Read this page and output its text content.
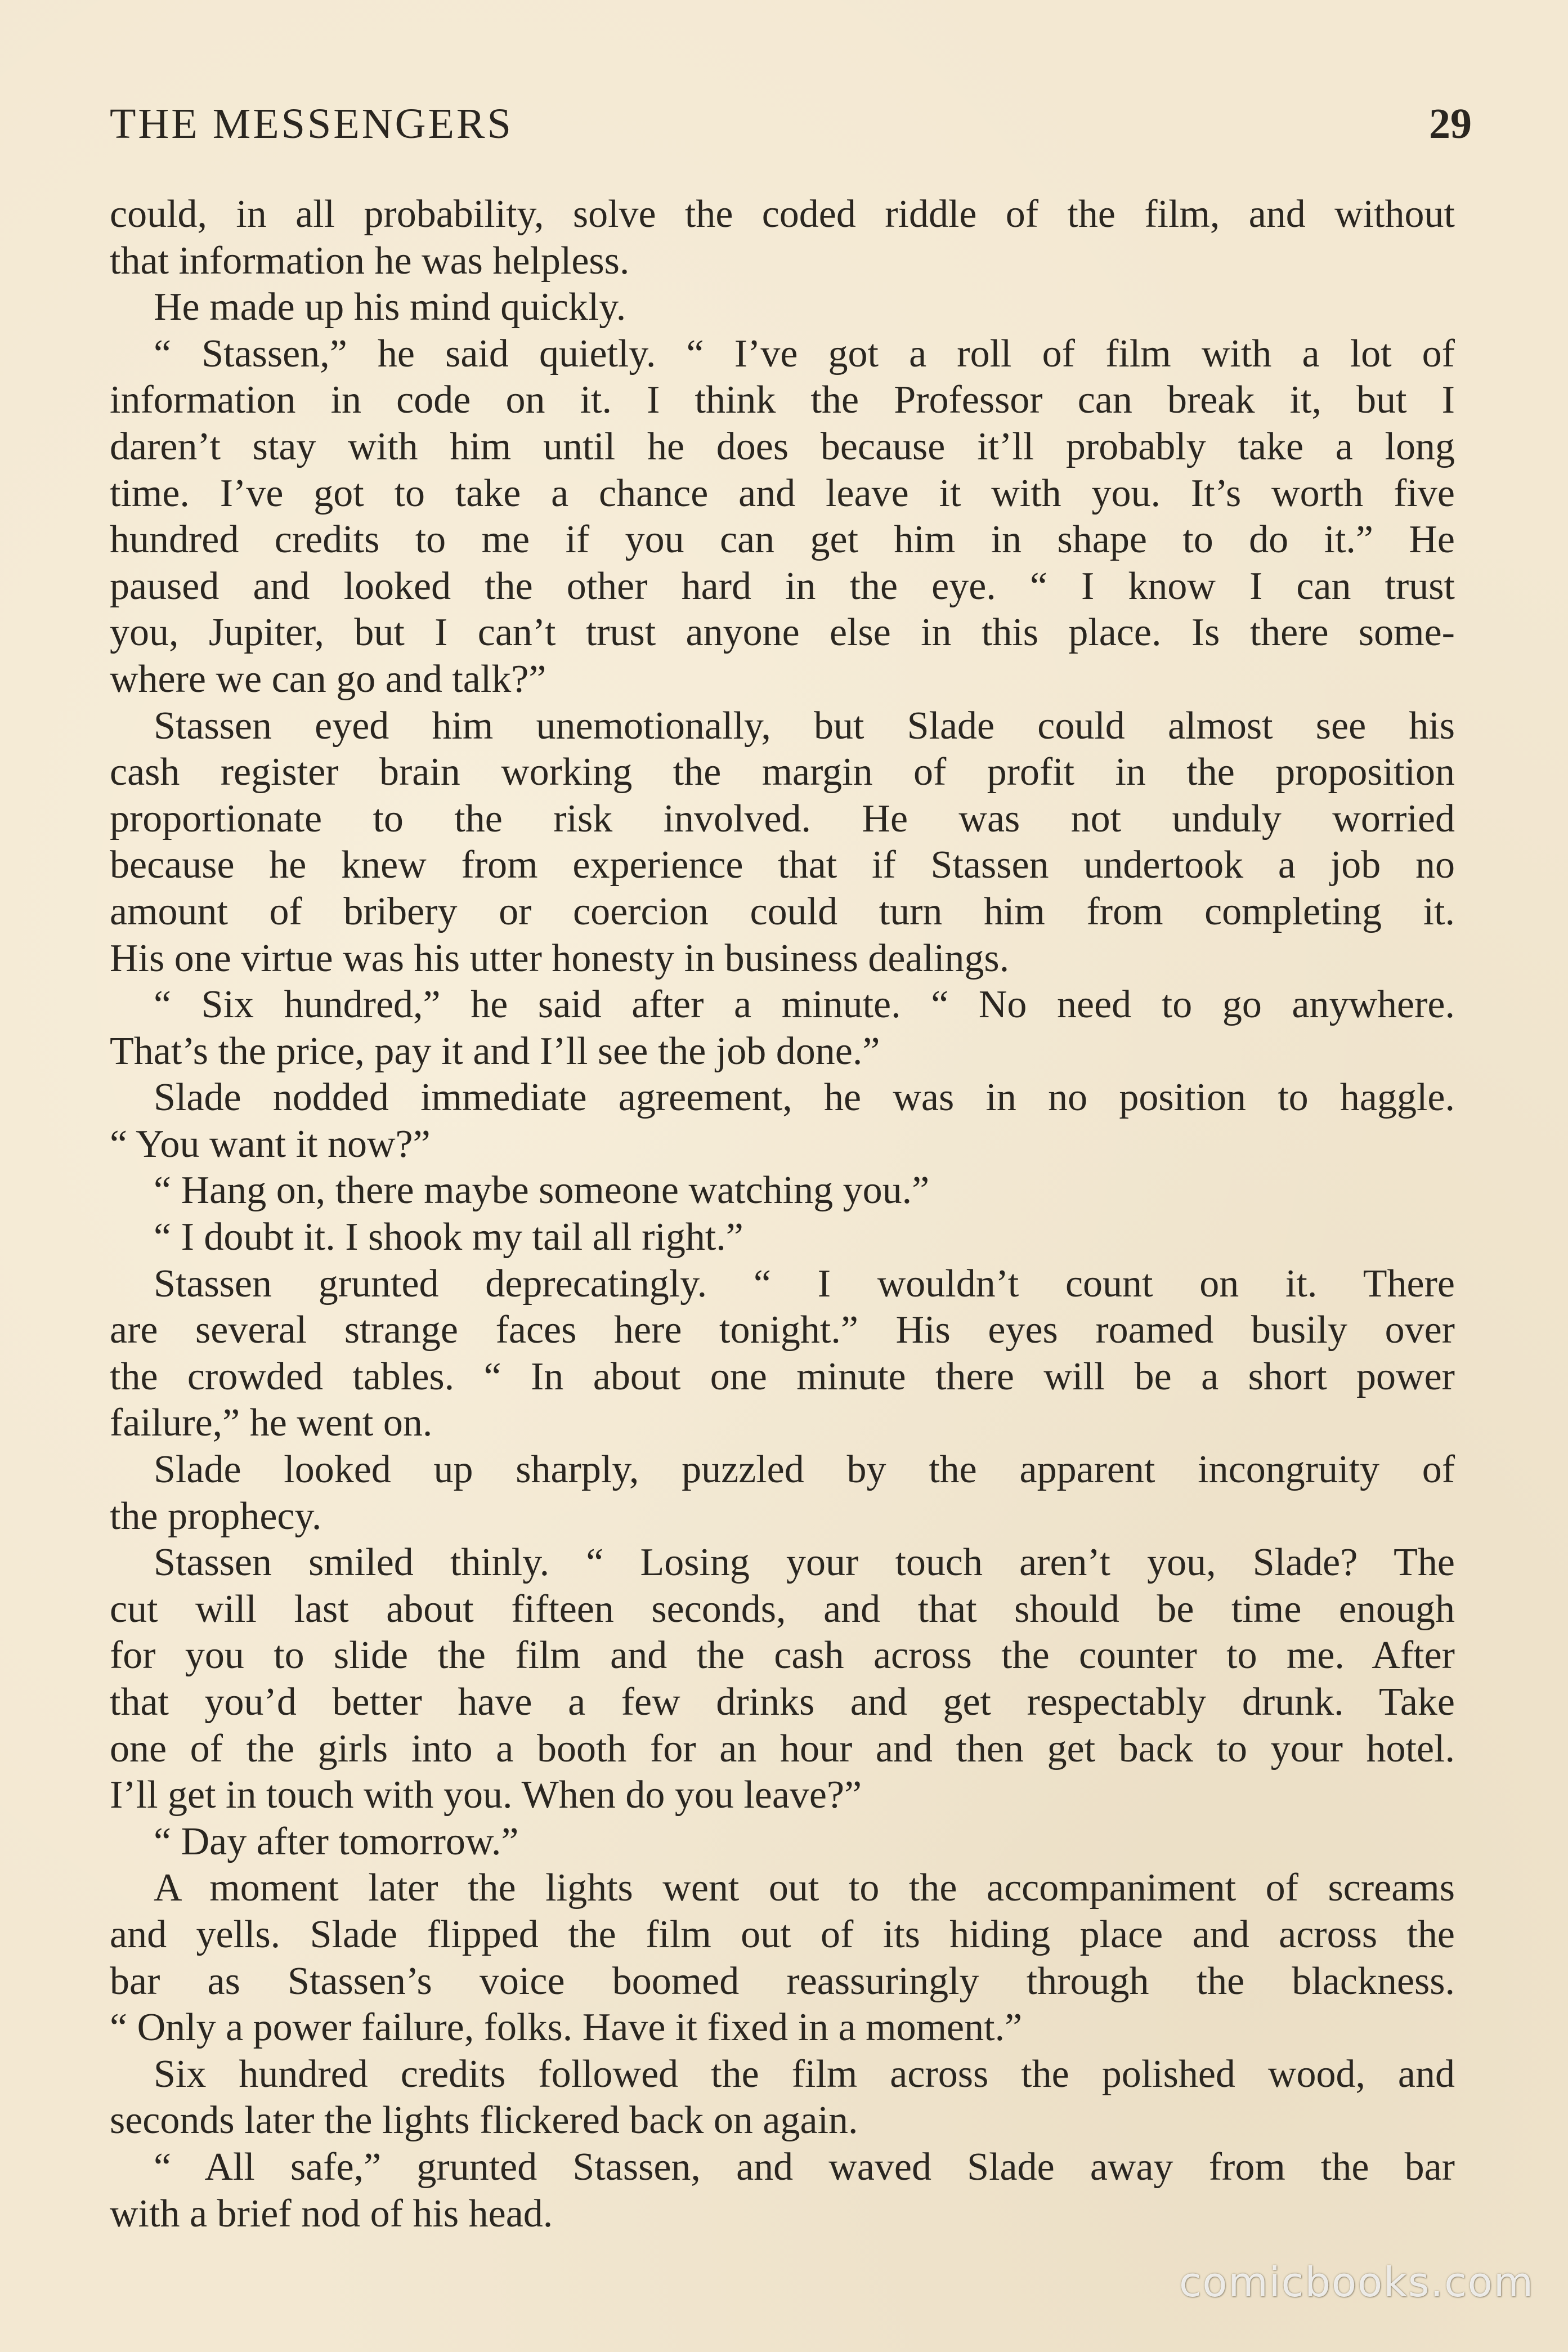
THE MESSENGERS	29
could, in all probability, solve the coded riddle of the film, and without
that information he was helpless.
He made up his mind quickly.
“ Stassen,” he said quietly. “ I’ve got a roll of film with a lot of
information in code on it. I think the Professor can break it, but I
daren’t stay with him until he does because it’ll probably take a long
time. I’ve got to take a chance and leave it with you. It’s worth five
hundred credits to me if you can get him in shape to do it.” He
paused and looked the other hard in the eye. “ I know I can trust
you, Jupiter, but I can’t trust anyone else in this place. Is there some-
where we can go and talk?”
Stassen eyed him unemotionally, but Slade could almost see his
cash register brain working the margin of profit in the proposition
proportionate to the risk involved. He was not unduly worried
because he knew from experience that if Stassen undertook a job no
amount of bribery or coercion could turn him from completing it.
His one virtue was his utter honesty in business dealings.
“ Six hundred,” he said after a minute. “ No need to go anywhere.
That’s the price, pay it and I’ll see the job done.”
Slade nodded immediate agreement, he was in no position to haggle.
“ You want it now?”
“ Hang on, there maybe someone watching you.”
“ I doubt it. I shook my tail all right.”
Stassen grunted deprecatingly. “ I wouldn’t count on it. There
are several strange faces here tonight.” His eyes roamed busily over
the crowded tables. “ In about one minute there will be a short power
failure,” he went on.
Slade looked up sharply, puzzled by the apparent incongruity of
the prophecy.
Stassen smiled thinly. “ Losing your touch aren’t you, Slade? The
cut will last about fifteen seconds, and that should be time enough
for you to slide the film and the cash across the counter to me. After
that you’d better have a few drinks and get respectably drunk. Take
one of the girls into a booth for an hour and then get back to your hotel.
I’ll get in touch with you. When do you leave?”
“ Day after tomorrow.”
A moment later the lights went out to the accompaniment of screams
and yells. Slade flipped the film out of its hiding place and across the
bar as Stassen’s voice boomed reassuringly through the blackness.
“ Only a power failure, folks. Have it fixed in a moment.”
Six hundred credits followed the film across the polished wood, and
seconds later the lights flickered back on again.
“ All safe,” grunted Stassen, and waved Slade away from the bar
with a brief nod of his head.
comicbooks.com
